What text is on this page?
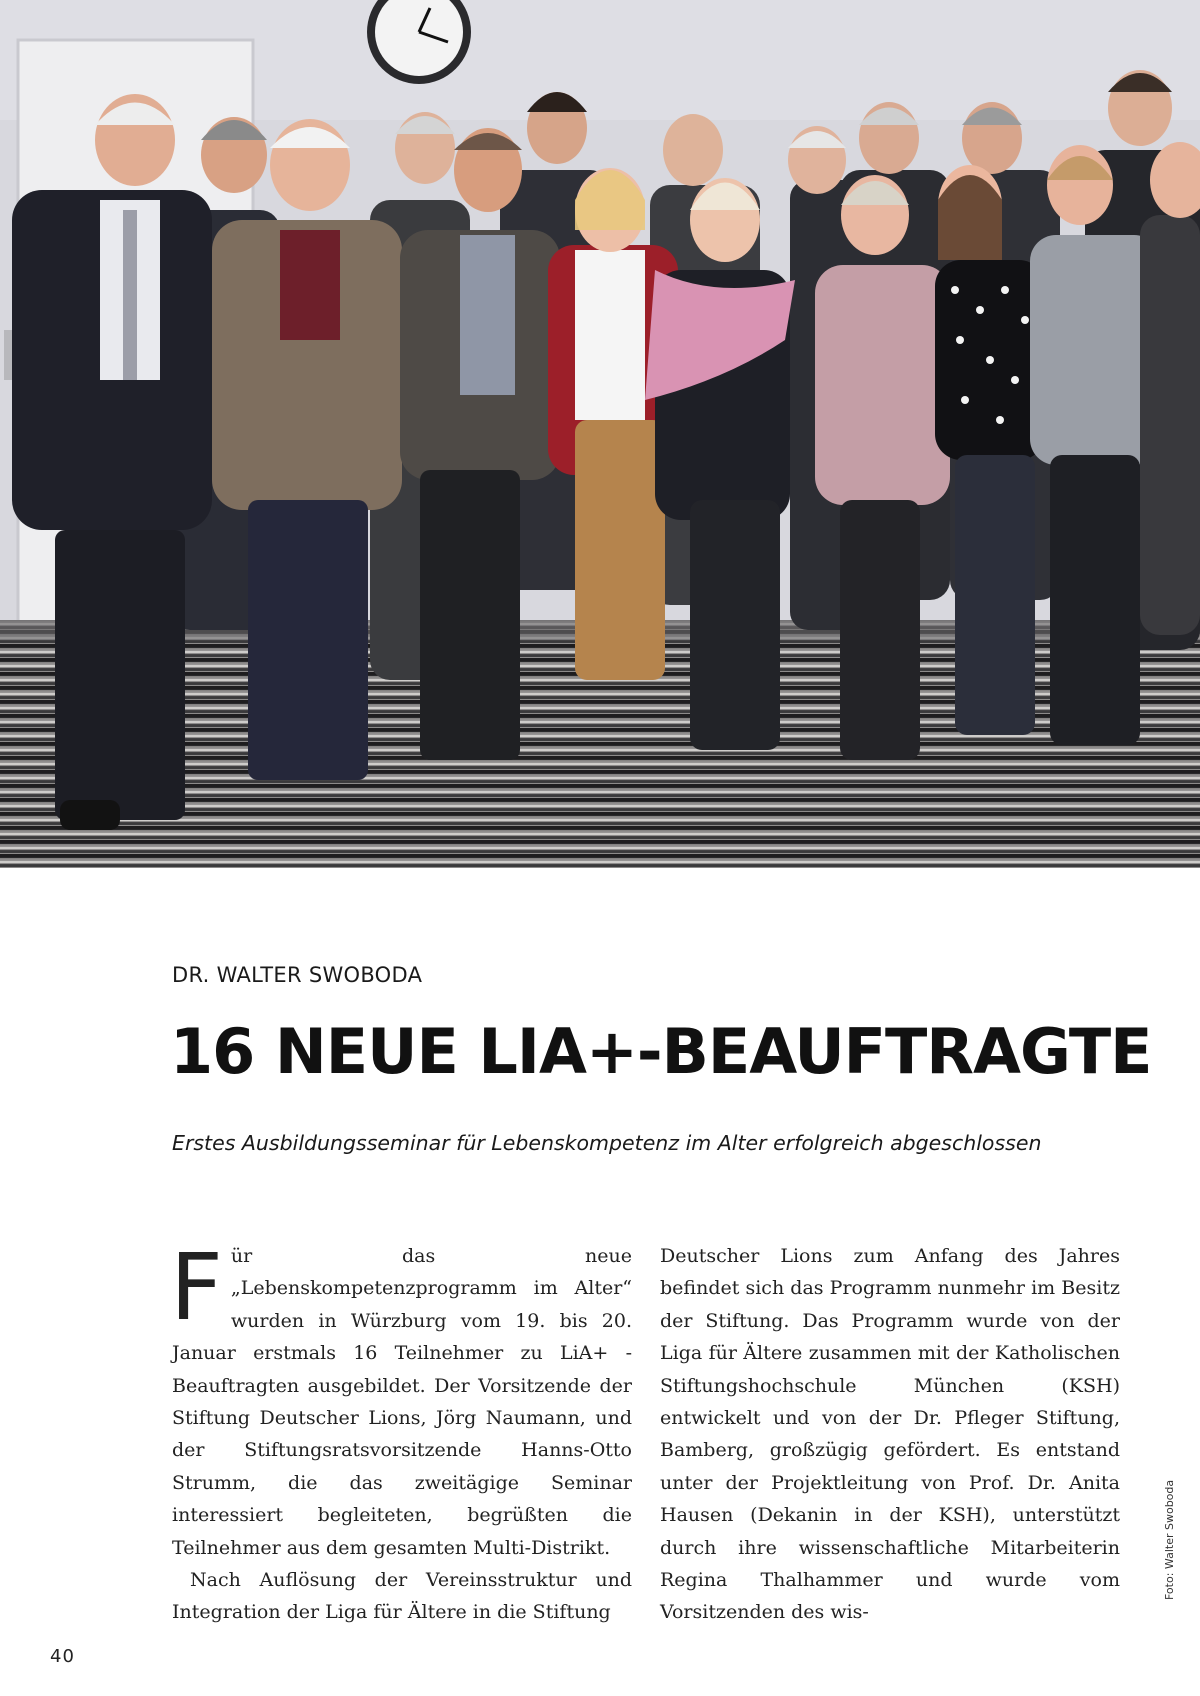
DR. WALTER SWOBODA
16 NEUE LIA+-BEAUFTRAGTE
Erstes Ausbildungsseminar für Lebenskompetenz im Alter erfolgreich abgeschlossen

Für das neue „Lebenskompetenzprogramm im Alter“ wurden in Würzburg vom 19. bis 20. Januar erstmals 16 Teilnehmer zu LiA+ -Beauftragten ausgebildet. Der Vorsitzende der Stiftung Deutscher Lions, Jörg Naumann, und der Stiftungsratsvorsitzende Hanns-Otto Strumm, die das zweitägige Seminar interessiert begleiteten, begrüßten die Teilnehmer aus dem gesamten Multi-Distrikt.

Nach Auflösung der Vereinsstruktur und Integration der Liga für Ältere in die Stiftung

Deutscher Lions zum Anfang des Jahres befindet sich das Programm nunmehr im Besitz der Stiftung. Das Programm wurde von der Liga für Ältere zusammen mit der Katholischen Stiftungshochschule München (KSH) entwickelt und von der Dr. Pfleger Stiftung, Bamberg, großzügig gefördert. Es entstand unter der Projektleitung von Prof. Dr. Anita Hausen (Dekanin in der KSH), unterstützt durch ihre wissenschaftliche Mitarbeiterin Regina Thalhammer und wurde vom Vorsitzenden des wis-

Foto: Walter Swoboda
40
